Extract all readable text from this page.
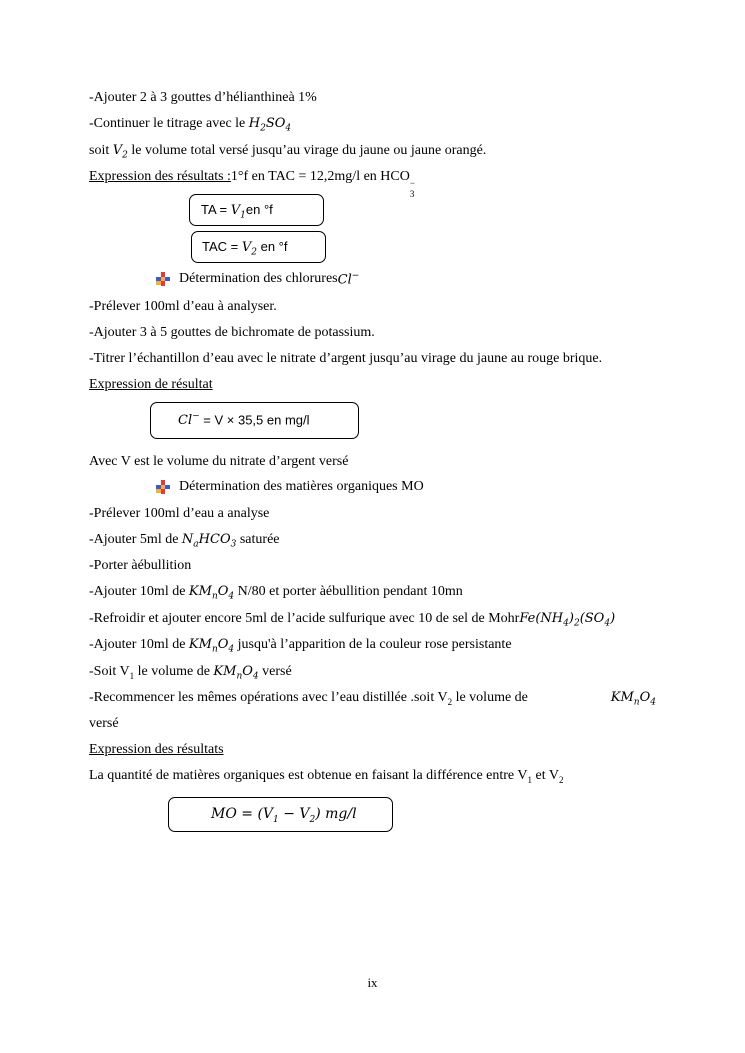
-Ajouter 2 à 3 gouttes d’hélianthineà 1%
-Continuer le titrage avec le $H_2SO_4$
soit $V_2$ le volume total versé jusqu’au virage du jaune ou jaune orangé.
Expression des résultats :1°f en TAC = 12,2mg/l en HCO −
3
TA = $V_1en$ °f
TAC = $V_2$ en °f
Détermination des chlorures Cl−
-Prélever 100ml d’eau à analyser.
-Ajouter 3 à 5 gouttes de bichromate de potassium.
-Titrer l’échantillon d’eau avec le nitrate d’argent jusqu’au virage du jaune au rouge brique.
Expression de résultat
Cl− = V × 35,5 en mg/l
Avec V est le volume du nitrate d’argent versé
Détermination des matières organiques MO
-Prélever 100ml d’eau a analyse
-Ajouter 5ml de $N_aHCO_3$ saturée
-Porter àébullition
-Ajouter 10ml de $KM_nO_4$ N/80 et porter àébullition pendant 10mn
-Refroidir et ajouter encore 5ml de l’acide sulfurique avec 10 de sel de $MohrFe(NH_4)_2(SO_4)$
-Ajouter 10ml de $KM_nO_4$ jusqu'à l’apparition de la couleur rose persistante
-Soit $V_1$ le volume de $KM_nO_4$ versé
-Recommencer les mêmes opérations avec l’eau distillée .soit $V_2$ le volume de	$KM_nO_4$
versé
Expression des résultats
La quantité de matières organiques est obtenue en faisant la différence entre $V_1$ et $V_2$
MO = $(V_1 - V_2)$ mg/l
ix
